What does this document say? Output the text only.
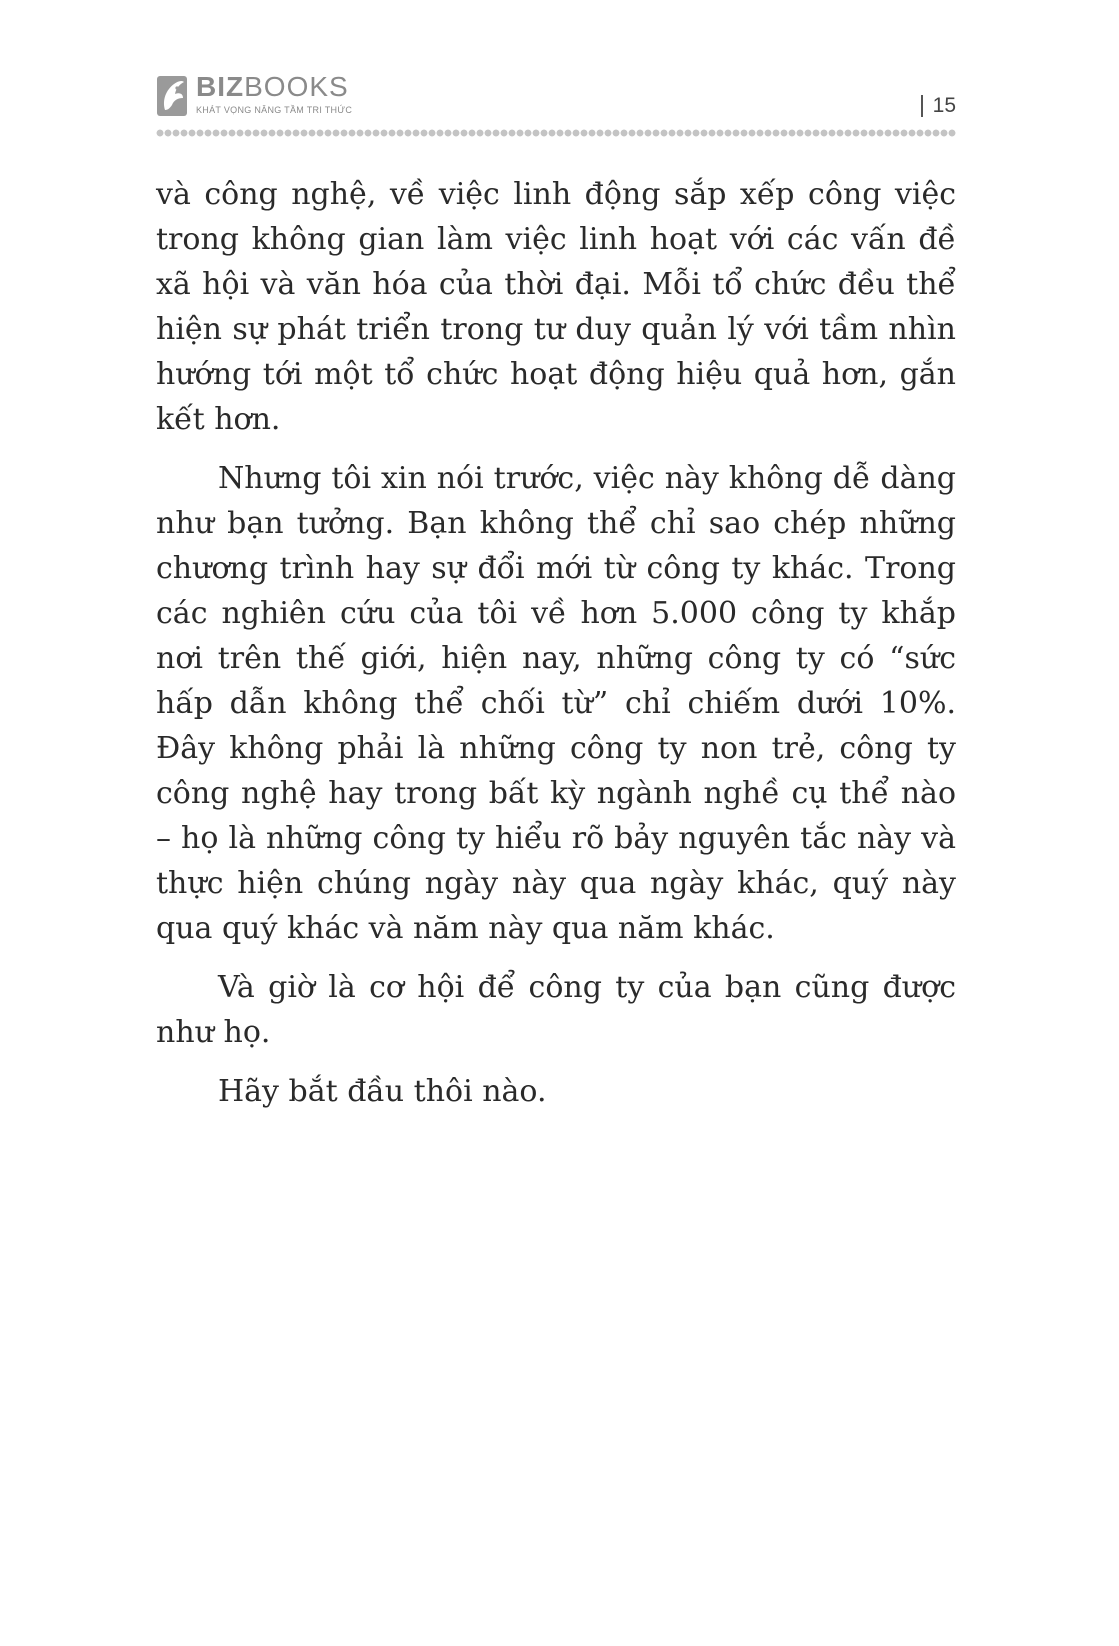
BIZBOOKS
KHÁT VỌNG NÂNG TẦM TRI THỨC	15

và công nghệ, về việc linh động sắp xếp công việc trong không gian làm việc linh hoạt với các vấn đề xã hội và văn hóa của thời đại. Mỗi tổ chức đều thể hiện sự phát triển trong tư duy quản lý với tầm nhìn hướng tới một tổ chức hoạt động hiệu quả hơn, gắn kết hơn.

Nhưng tôi xin nói trước, việc này không dễ dàng như bạn tưởng. Bạn không thể chỉ sao chép những chương trình hay sự đổi mới từ công ty khác. Trong các nghiên cứu của tôi về hơn 5.000 công ty khắp nơi trên thế giới, hiện nay, những công ty có “sức hấp dẫn không thể chối từ” chỉ chiếm dưới 10%. Đây không phải là những công ty non trẻ, công ty công nghệ hay trong bất kỳ ngành nghề cụ thể nào – họ là những công ty hiểu rõ bảy nguyên tắc này và thực hiện chúng ngày này qua ngày khác, quý này qua quý khác và năm này qua năm khác.

Và giờ là cơ hội để công ty của bạn cũng được như họ.

Hãy bắt đầu thôi nào.
